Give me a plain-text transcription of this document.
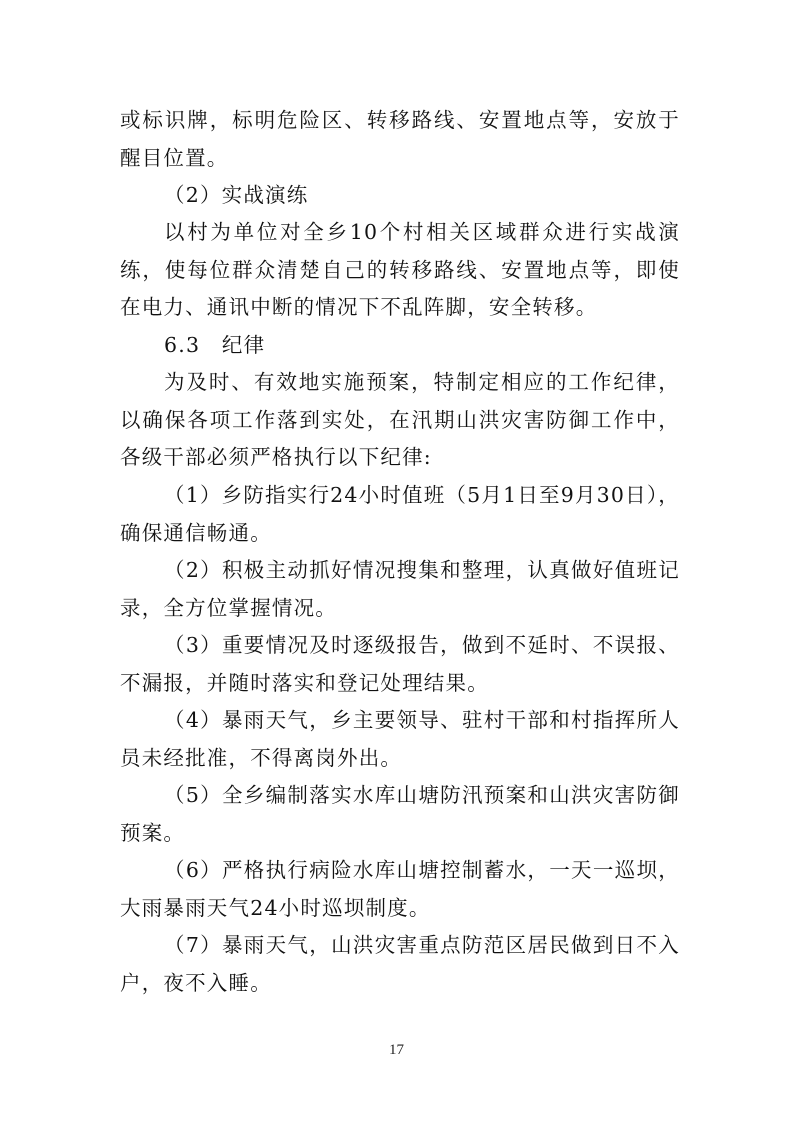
或标识牌，标明危险区、转移路线、安置地点等，安放于醒目位置。
（2）实战演练
以村为单位对全乡10个村相关区域群众进行实战演练，使每位群众清楚自己的转移路线、安置地点等，即使在电力、通讯中断的情况下不乱阵脚，安全转移。
6.3　纪律
为及时、有效地实施预案，特制定相应的工作纪律，以确保各项工作落到实处，在汛期山洪灾害防御工作中，各级干部必须严格执行以下纪律:
（1）乡防指实行24小时值班（5月1日至9月30日），确保通信畅通。
（2）积极主动抓好情况搜集和整理，认真做好值班记录，全方位掌握情况。
（3）重要情况及时逐级报告，做到不延时、不误报、不漏报，并随时落实和登记处理结果。
（4）暴雨天气，乡主要领导、驻村干部和村指挥所人员未经批准，不得离岗外出。
（5）全乡编制落实水库山塘防汛预案和山洪灾害防御预案。
（6）严格执行病险水库山塘控制蓄水，一天一巡坝，大雨暴雨天气24小时巡坝制度。
（7）暴雨天气，山洪灾害重点防范区居民做到日不入户，夜不入睡。
17
